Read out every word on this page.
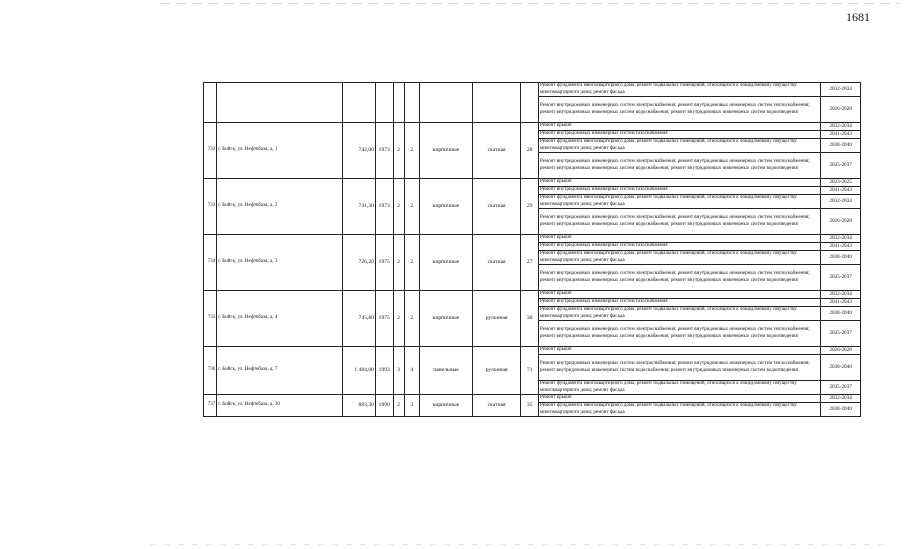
1681
									Ремонт фундамента многоквартирного дома; ремонт подвальных помещений, относящихся к общедомовому имуществу многоквартирного дома; ремонт фасада	2032-2034
									Ремонт внутридомовых инженерных систем электроснабжения; ремонт внутридомовых инженерных систем теплоснабжения; ремонт внутридомовых инженерных систем водоснабжения; ремонт внутридомовых инженерных систем водоотведения	2026-2028
732	г. Бийск, ул. Нефтебаза, д. 1	742,00	1973	2	2	кирпичные	скатная	28	Ремонт крыши	2032-2034
									Ремонт внутридомовых инженерных систем газоснабжения	2041-2043
									Ремонт фундамента многоквартирного дома; ремонт подвальных помещений, относящихся к общедомовому имуществу многоквартирного дома; ремонт фасада	2038-2040
									Ремонт внутридомовых инженерных систем электроснабжения; ремонт внутридомовых инженерных систем теплоснабжения; ремонт внутридомовых инженерных систем водоснабжения; ремонт внутридомовых инженерных систем водоотведения	2035-2037
733	г. Бийск, ул. Нефтебаза, д. 2	741,30	1973	2	2	кирпичные	скатная	29	Ремонт крыши	2023-2025
									Ремонт внутридомовых инженерных систем газоснабжения	2041-2043
									Ремонт фундамента многоквартирного дома; ремонт подвальных помещений, относящихся к общедомовому имуществу многоквартирного дома; ремонт фасада	2032-2034
									Ремонт внутридомовых инженерных систем электроснабжения; ремонт внутридомовых инженерных систем теплоснабжения; ремонт внутридомовых инженерных систем водоснабжения; ремонт внутридомовых инженерных систем водоотведения	2026-2028
734	г. Бийск, ул. Нефтебаза, д. 3	726,20	1975	2	2	кирпичные	скатная	27	Ремонт крыши	2032-2034
									Ремонт внутридомовых инженерных систем газоснабжения	2041-2043
									Ремонт фундамента многоквартирного дома; ремонт подвальных помещений, относящихся к общедомовому имуществу многоквартирного дома; ремонт фасада	2038-2040
									Ремонт внутридомовых инженерных систем электроснабжения; ремонт внутридомовых инженерных систем теплоснабжения; ремонт внутридомовых инженерных систем водоснабжения; ремонт внутридомовых инженерных систем водоотведения	2035-2037
735	г. Бийск, ул. Нефтебаза, д. 4	745,80	1975	2	2	кирпичные	рулонная	30	Ремонт крыши	2032-2034
									Ремонт внутридомовых инженерных систем газоснабжения	2041-2043
									Ремонт фундамента многоквартирного дома; ремонт подвальных помещений, относящихся к общедомовому имуществу многоквартирного дома; ремонт фасада	2038-2040
									Ремонт внутридомовых инженерных систем электроснабжения; ремонт внутридомовых инженерных систем теплоснабжения; ремонт внутридомовых инженерных систем водоснабжения; ремонт внутридомовых инженерных систем водоотведения	2035-2037
736	г. Бийск, ул. Нефтебаза, д. 7	1 484,00	1993	3	4	панельные	рулонная	71	Ремонт крыши	2026-2028
									Ремонт внутридомовых инженерных систем электроснабжения; ремонт внутридомовых инженерных систем теплоснабжения; ремонт внутридомовых инженерных систем водоснабжения; ремонт внутридомовых инженерных систем водоотведения	2038-2040
									Ремонт фундамента многоквартирного дома; ремонт подвальных помещений, относящихся к общедомовому имуществу многоквартирного дома; ремонт фасада	2035-2037
737	г. Бийск, ул. Нефтебаза, д. 30	883,30	1990	2	3	кирпичные	скатная	35	Ремонт крыши	2032-2034
									Ремонт фундамента многоквартирного дома; ремонт подвальных помещений, относящихся к общедомовому имуществу многоквартирного дома; ремонт фасада	2038-2040
